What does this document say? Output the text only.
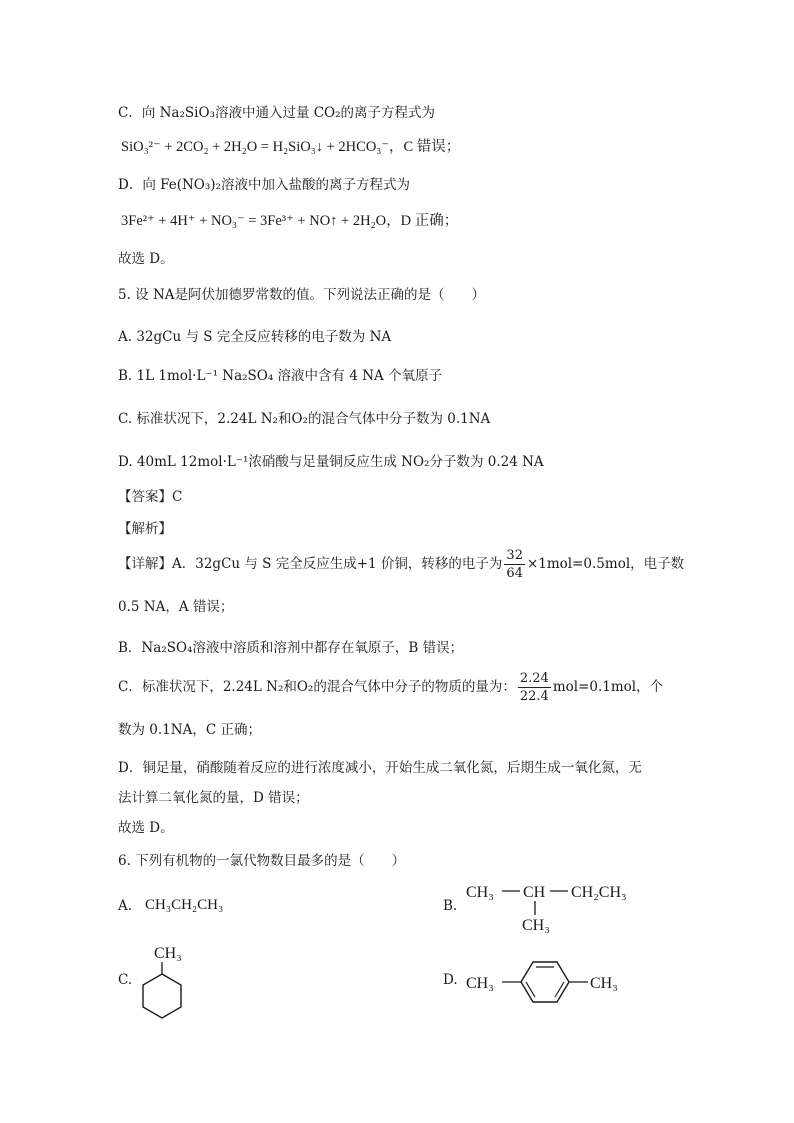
C．向 Na₂SiO₃溶液中通入过量 CO₂的离子方程式为
SiO₃²⁻ + 2CO₂ + 2H₂O = H₂SiO₃↓ + 2HCO₃⁻，C 错误；
D．向 Fe(NO₃)₂溶液中加入盐酸的离子方程式为
3Fe²⁺ + 4H⁺ + NO₃⁻ = 3Fe³⁺ + NO↑ + 2H₂O，D 正确；
故选 D。
5. 设 NA是阿伏加德罗常数的值。下列说法正确的是（　　）
A. 32gCu 与 S 完全反应转移的电子数为 NA
B. 1L 1mol·L⁻¹ Na₂SO₄ 溶液中含有 4 NA 个氧原子
C. 标准状况下，2.24L N₂和O₂的混合气体中分子数为 0.1NA
D. 40mL 12mol·L⁻¹浓硝酸与足量铜反应生成 NO₂分子数为 0.24 NA
【答案】C
【解析】
【详解】A．32gCu 与 S 完全反应生成+1 价铜，转移的电子为 $\frac{32}{64} \times 1mol=0.5mol$，电子数
0.5 NA，A 错误；
B．Na₂SO₄溶液中溶质和溶剂中都存在氧原子，B 错误；
C．标准状况下，2.24L N₂和O₂的混合气体中分子的物质的量为： $\frac{2.24}{22.4} mol=0.1mol$，个
数为 0.1NA，C 正确；
D．铜足量，硝酸随着反应的进行浓度减小，开始生成二氧化氮，后期生成一氧化氮，无
法计算二氧化氮的量，D 错误；
故选 D。
6. 下列有机物的一氯代物数目最多的是（　　）
A. CH₃CH₂CH₃	B.
CH₃ CH CH₂CH₃
CH₃
C.
CH₃
D. CH₃	CH₃
